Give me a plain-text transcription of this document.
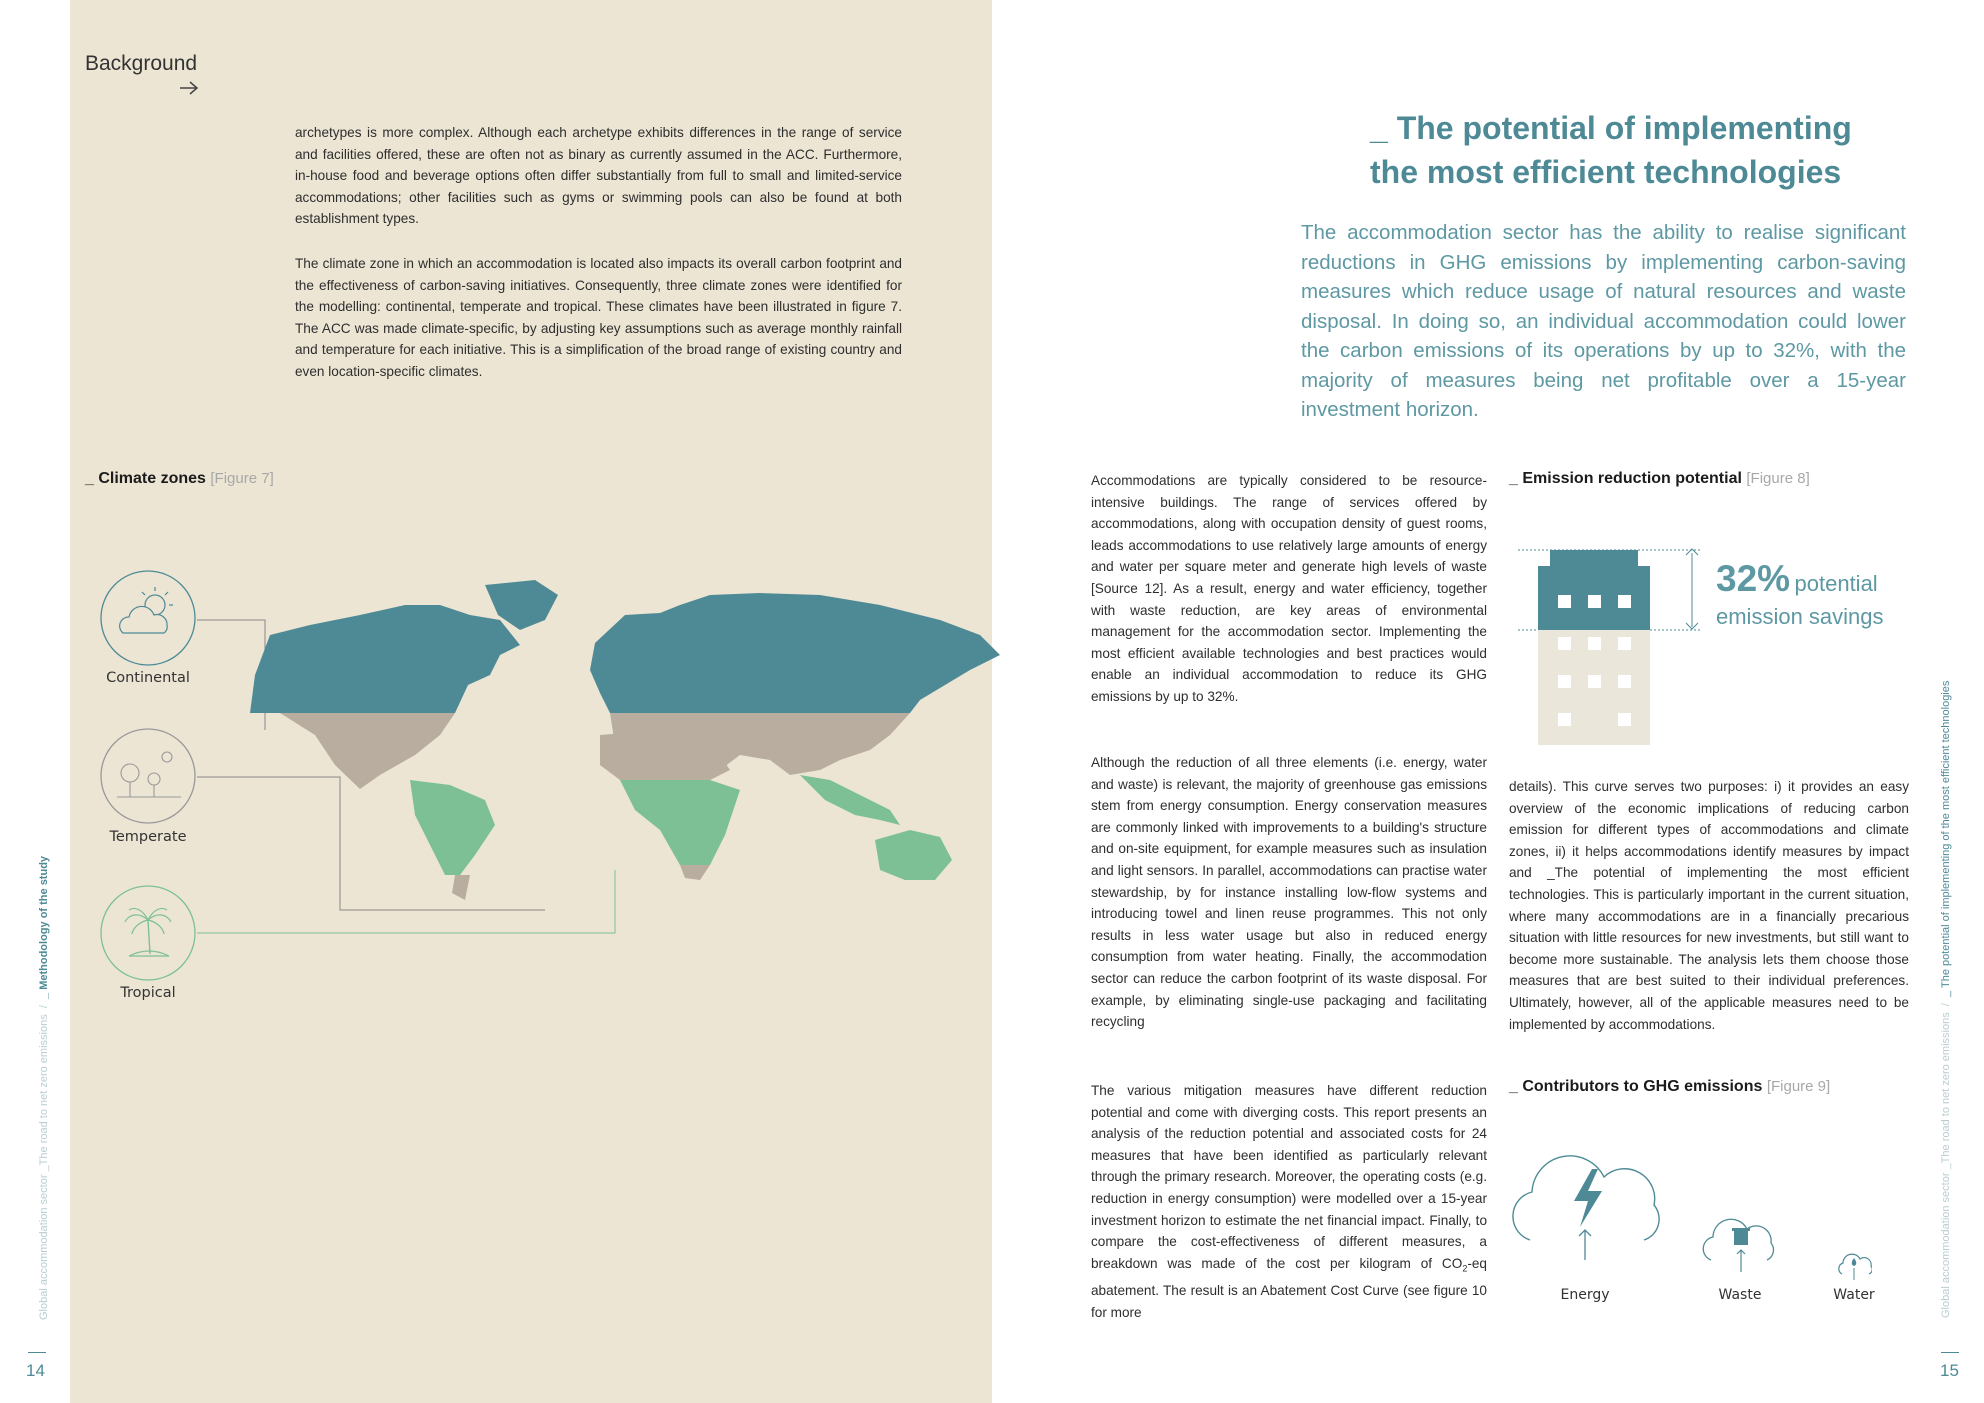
Background

archetypes is more complex. Although each archetype exhibits differences in the range of service and facilities offered, these are often not as binary as currently assumed in the ACC. Furthermore, in-house food and beverage options often differ substantially from full to small and limited-service accommodations; other facilities such as gyms or swimming pools can also be found at both establishment types.

The climate zone in which an accommodation is located also impacts its overall carbon footprint and the effectiveness of carbon-saving initiatives. Consequently, three climate zones were identified for the modelling: continental, temperate and tropical. These climates have been illustrated in figure 7. The ACC was made climate-specific, by adjusting key assumptions such as average monthly rainfall and temperature for each initiative. This is a simplification of the broad range of existing country and even location-specific climates.

_ Climate zones [Figure 7]
Continental
Temperate
Tropical
Global accommodation sector _The road to net zero emissions  /  _ Methodology of the study
14
_ The potential of implementing
the most efficient technologies

The accommodation sector has the ability to realise significant reductions in GHG emissions by implementing carbon-saving measures which reduce usage of natural resources and waste disposal. In doing so, an individual accommodation could lower the carbon emissions of its operations by up to 32%, with the majority of measures being net profitable over a 15-year investment horizon.

Accommodations are typically considered to be resource-intensive buildings. The range of services offered by accommodations, along with occupation density of guest rooms, leads accommodations to use relatively large amounts of energy and water per square meter and generate high levels of waste [Source 12]. As a result, energy and water efficiency, together with waste reduction, are key areas of environmental management for the accommodation sector. Implementing the most efficient available technologies and best practices would enable an individual accommodation to reduce its GHG emissions by up to 32%.

Although the reduction of all three elements (i.e. energy, water and waste) is relevant, the majority of greenhouse gas emissions stem from energy consumption. Energy conservation measures are commonly linked with improvements to a building's structure and on-site equipment, for example measures such as insulation and light sensors. In parallel, accommodations can practise water stewardship, by for instance installing low-flow systems and introducing towel and linen reuse programmes. This not only results in less water usage but also in reduced energy consumption from water heating. Finally, the accommodation sector can reduce the carbon footprint of its waste disposal. For example, by eliminating single-use packaging and facilitating recycling

The various mitigation measures have different reduction potential and come with diverging costs. This report presents an analysis of the reduction potential and associated costs for 24 measures that have been identified as particularly relevant through the primary research. Moreover, the operating costs (e.g. reduction in energy consumption) were modelled over a 15-year investment horizon to estimate the net financial impact. Finally, to compare the cost-effectiveness of different measures, a breakdown was made of the cost per kilogram of $CO_2-eq$ abatement. The result is an Abatement Cost Curve (see figure 10 for more

_ Emission reduction potential [Figure 8]
32% potential
emission savings

details). This curve serves two purposes: i) it provides an easy overview of the economic implications of reducing carbon emission for different types of accommodations and climate zones, ii) it helps accommodations identify measures by impact and _The potential of implementing the most efficient technologies. This is particularly important in the current situation, where many accommodations are in a financially precarious situation with little resources for new investments, but still want to become more sustainable. The analysis lets them choose those measures that are best suited to their individual preferences. Ultimately, however, all of the applicable measures need to be implemented by accommodations.

_ Contributors to GHG emissions [Figure 9]
Energy	Waste	Water	Global accommodation sector _The road to net zero emissions  /  _ The potential of implementing of the most efficient technologies
15
